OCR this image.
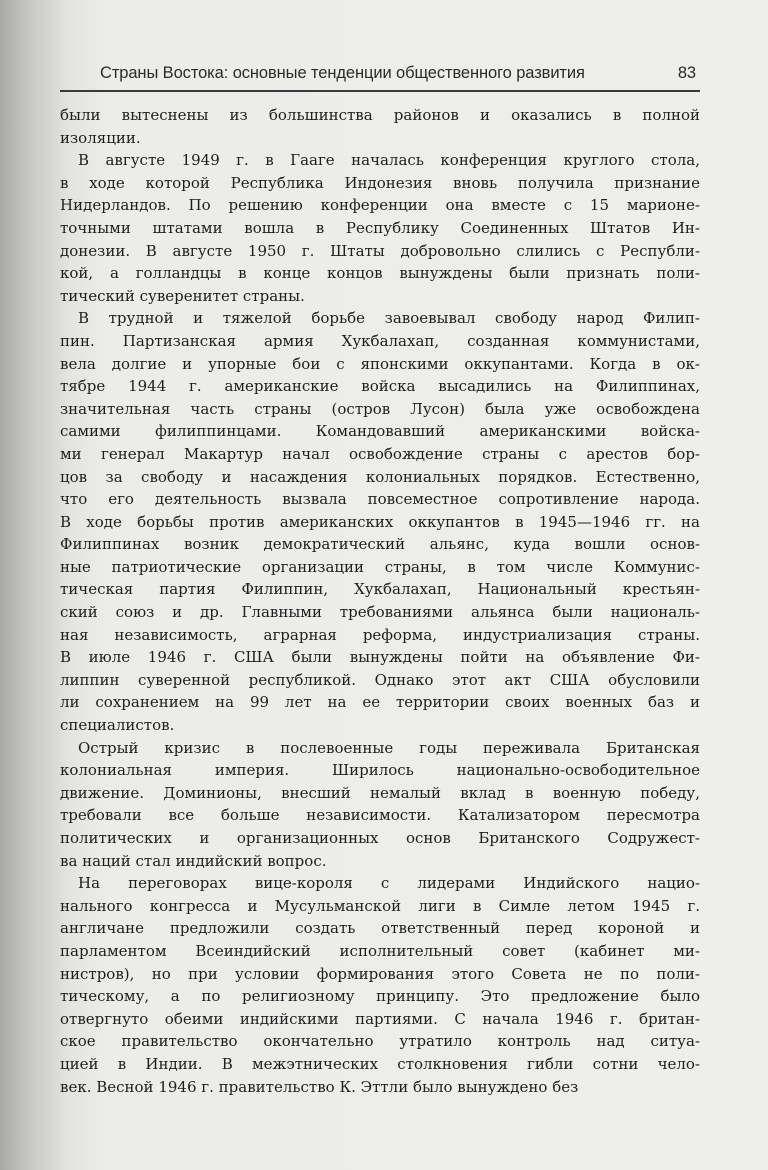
Страны Востока: основные тенденции общественного развития	83
были вытеснены из большинства районов и оказались в полной
изоляции.
В августе 1949 г. в Гааге началась конференция круглого стола,
в ходе которой Республика Индонезия вновь получила признание
Нидерландов. По решению конференции она вместе с 15 марионе-
точными штатами вошла в Республику Соединенных Штатов Ин-
донезии. В августе 1950 г. Штаты добровольно слились с Республи-
кой, а голландцы в конце концов вынуждены были признать поли-
тический суверенитет страны.
В трудной и тяжелой борьбе завоевывал свободу народ Филип-
пин. Партизанская армия Хукбалахап, созданная коммунистами,
вела долгие и упорные бои с японскими оккупантами. Когда в ок-
тябре 1944 г. американские войска высадились на Филиппинах,
значительная часть страны (остров Лусон) была уже освобождена
самими филиппинцами. Командовавший американскими войска-
ми генерал Макартур начал освобождение страны с арестов бор-
цов за свободу и насаждения колониальных порядков. Естественно,
что его деятельность вызвала повсеместное сопротивление народа.
В ходе борьбы против американских оккупантов в 1945—1946 гг. на
Филиппинах возник демократический альянс, куда вошли основ-
ные патриотические организации страны, в том числе Коммунис-
тическая партия Филиппин, Хукбалахап, Национальный крестьян-
ский союз и др. Главными требованиями альянса были националь-
ная независимость, аграрная реформа, индустриализация страны.
В июле 1946 г. США были вынуждены пойти на объявление Фи-
липпин суверенной республикой. Однако этот акт США обусловили
ли сохранением на 99 лет на ее территории своих военных баз и
специалистов.
Острый кризис в послевоенные годы переживала Британская
колониальная империя. Ширилось национально-освободительное
движение. Доминионы, внесший немалый вклад в военную победу,
требовали все больше независимости. Катализатором пересмотра
политических и организационных основ Британского Содружест-
ва наций стал индийский вопрос.
На переговорах вице-короля с лидерами Индийского нацио-
нального конгресса и Мусульманской лиги в Симле летом 1945 г.
англичане предложили создать ответственный перед короной и
парламентом Всеиндийский исполнительный совет (кабинет ми-
нистров), но при условии формирования этого Совета не по поли-
тическому, а по религиозному принципу. Это предложение было
отвергнуто обеими индийскими партиями. С начала 1946 г. британ-
ское правительство окончательно утратило контроль над ситуа-
цией в Индии. В межэтнических столкновения гибли сотни чело-
век. Весной 1946 г. правительство К. Эттли было вынуждено без
